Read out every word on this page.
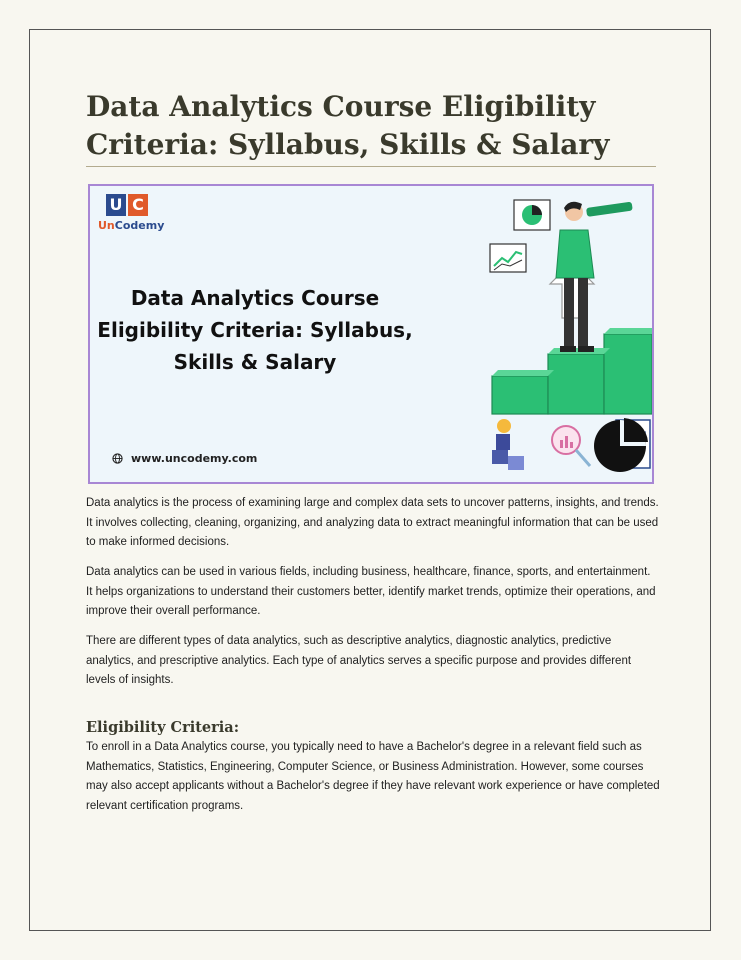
Data Analytics Course Eligibility Criteria: Syllabus, Skills & Salary
U C
UnCodemy
Data Analytics Course Eligibility Criteria: Syllabus, Skills & Salary
www.uncodemy.com

Data analytics is the process of examining large and complex data sets to uncover patterns, insights, and trends. It involves collecting, cleaning, organizing, and analyzing data to extract meaningful information that can be used to make informed decisions.

Data analytics can be used in various fields, including business, healthcare, finance, sports, and entertainment. It helps organizations to understand their customers better, identify market trends, optimize their operations, and improve their overall performance.

There are different types of data analytics, such as descriptive analytics, diagnostic analytics, predictive analytics, and prescriptive analytics. Each type of analytics serves a specific purpose and provides different levels of insights.

Eligibility Criteria:

To enroll in a Data Analytics course, you typically need to have a Bachelor's degree in a relevant field such as Mathematics, Statistics, Engineering, Computer Science, or Business Administration. However, some courses may also accept applicants without a Bachelor's degree if they have relevant work experience or have completed relevant certification programs.
